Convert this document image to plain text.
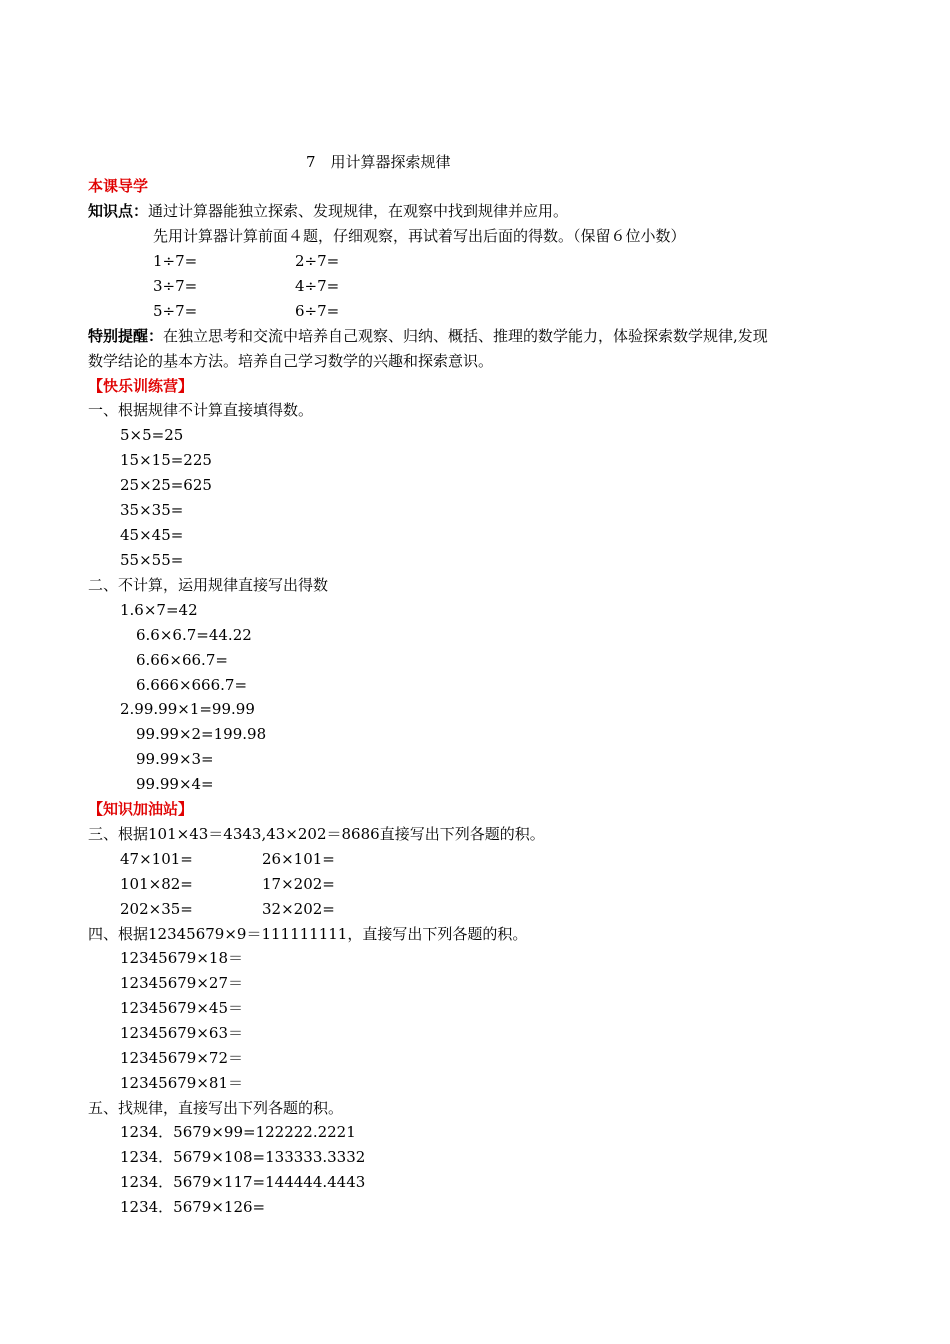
7　用计算器探索规律
本课导学
知识点：通过计算器能独立探索、发现规律，在观察中找到规律并应用。
先用计算器计算前面４题，仔细观察，再试着写出后面的得数。（保留６位小数）
1÷7=	2÷7=
3÷7=	4÷7=
5÷7=	6÷7=
特别提醒：在独立思考和交流中培养自己观察、归纳、概括、推理的数学能力，体验探索数学规律,发现
数学结论的基本方法。培养自己学习数学的兴趣和探索意识。
【快乐训练营】
一、根据规律不计算直接填得数。
5×5=25
15×15=225
25×25=625
35×35=
45×45=
55×55=
二、不计算，运用规律直接写出得数
1.6×7=42
6.6×6.7=44.22
6.66×66.7=
6.666×666.7=
2.99.99×1=99.99
99.99×2=199.98
99.99×3=
99.99×4=
【知识加油站】
三、根据101×43＝4343,43×202＝8686直接写出下列各题的积。
47×101=	26×101=
101×82=	17×202=
202×35=	32×202=
四、根据12345679×9＝111111111，直接写出下列各题的积。
12345679×18＝
12345679×27＝
12345679×45＝
12345679×63＝
12345679×72＝
12345679×81＝
五、找规律，直接写出下列各题的积。
1234．5679×99=122222.2221
1234．5679×108=133333.3332
1234．5679×117=144444.4443
1234．5679×126=
